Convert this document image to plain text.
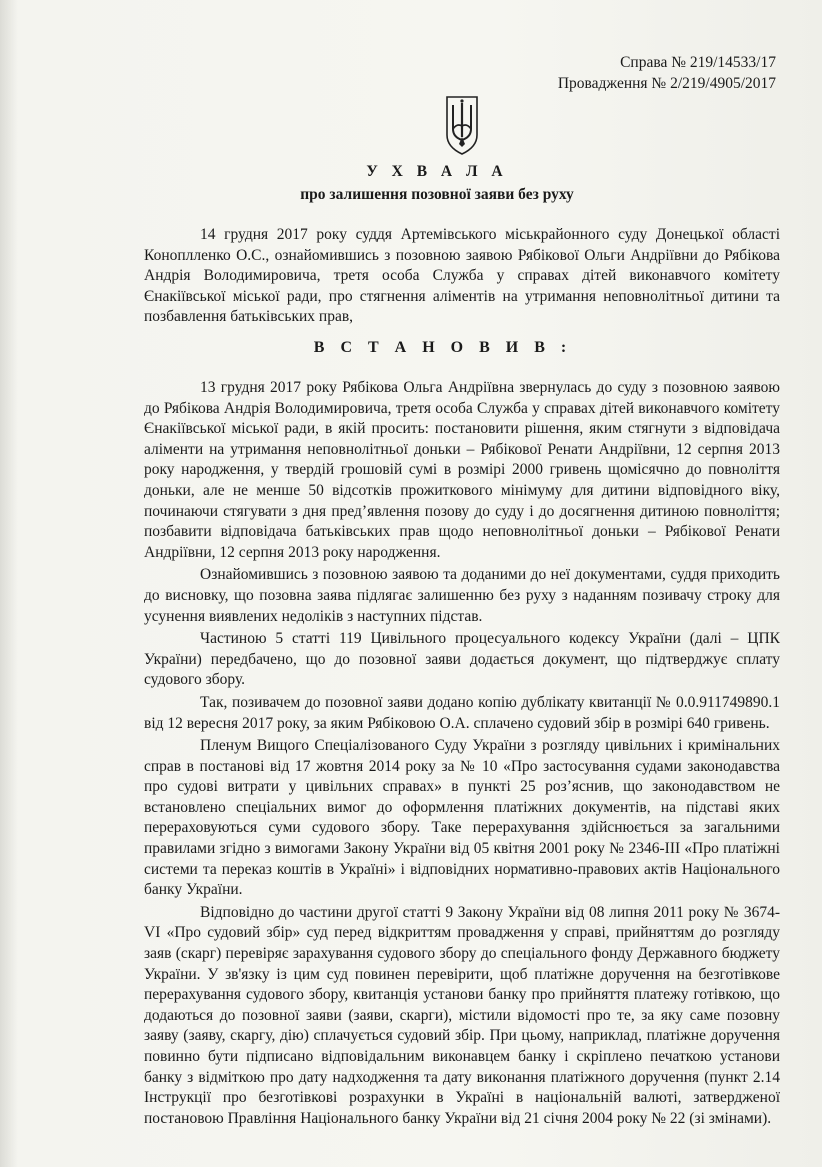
Справа № 219/14533/17
Провадження № 2/219/4905/2017
У Х В А Л А
про залишення позовної заяви без руху

14 грудня 2017 року суддя Артемівського міськрайонного суду Донецької області Коноплленко О.С., ознайомившись з позовною заявою Рябікової Ольги Андріївни до Рябікова Андрія Володимировича, третя особа Служба у справах дітей виконавчого комітету Єнакіївської міської ради, про стягнення аліментів на утримання неповнолітньої дитини та позбавлення батьківських прав,

В С Т А Н О В И В :

13 грудня 2017 року Рябікова Ольга Андріївна звернулась до суду з позовною заявою до Рябікова Андрія Володимировича, третя особа Служба у справах дітей виконавчого комітету Єнакіївської міської ради, в якій просить: постановити рішення, яким стягнути з відповідача аліменти на утримання неповнолітньої доньки – Рябікової Ренати Андріївни, 12 серпня 2013 року народження, у твердій грошовій сумі в розмірі 2000 гривень щомісячно до повноліття доньки, але не менше 50 відсотків прожиткового мінімуму для дитини відповідного віку, починаючи стягувати з дня пред’явлення позову до суду і до досягнення дитиною повноліття; позбавити відповідача батьківських прав щодо неповнолітньої доньки – Рябікової Ренати Андріївни, 12 серпня 2013 року народження.

Ознайомившись з позовною заявою та доданими до неї документами, суддя приходить до висновку, що позовна заява підлягає залишенню без руху з наданням позивачу строку для усунення виявлених недоліків з наступних підстав.

Частиною 5 статті 119 Цивільного процесуального кодексу України (далі – ЦПК України) передбачено, що до позовної заяви додається документ, що підтверджує сплату судового збору.

Так, позивачем до позовної заяви додано копію дублікату квитанції № 0.0.911749890.1 від 12 вересня 2017 року, за яким Рябіковою О.А. сплачено судовий збір в розмірі 640 гривень.

Пленум Вищого Спеціалізованого Суду України з розгляду цивільних і кримінальних справ в постанові від 17 жовтня 2014 року за № 10 «Про застосування судами законодавства про судові витрати у цивільних справах» в пункті 25 роз’яснив, що законодавством не встановлено спеціальних вимог до оформлення платіжних документів, на підставі яких перераховуються суми судового збору. Таке перерахування здійснюється за загальними правилами згідно з вимогами Закону України від 05 квітня 2001 року № 2346-ІІІ «Про платіжні системи та переказ коштів в Україні» і відповідних нормативно-правових актів Національного банку України.

Відповідно до частини другої статті 9 Закону України від 08 липня 2011 року № 3674-VI «Про судовий збір» суд перед відкриттям провадження у справі, прийняттям до розгляду заяв (скарг) перевіряє зарахування судового збору до спеціального фонду Державного бюджету України. У зв'язку із цим суд повинен перевірити, щоб платіжне доручення на безготівкове перерахування судового збору, квитанція установи банку про прийняття платежу готівкою, що додаються до позовної заяви (заяви, скарги), містили відомості про те, за яку саме позовну заяву (заяву, скаргу, дію) сплачується судовий збір. При цьому, наприклад, платіжне доручення повинно бути підписано відповідальним виконавцем банку і скріплено печаткою установи банку з відміткою про дату надходження та дату виконання платіжного доручення (пункт 2.14 Інструкції про безготівкові розрахунки в Україні в національній валюті, затвердженої постановою Правління Національного банку України від 21 січня 2004 року № 22 (зі змінами).
